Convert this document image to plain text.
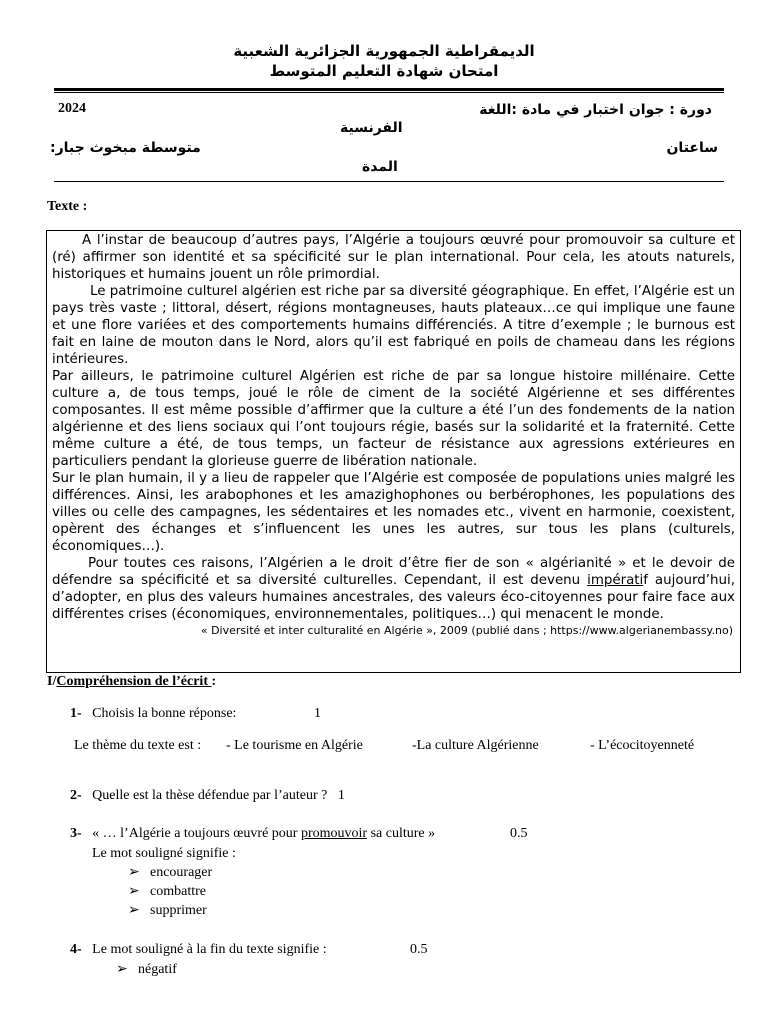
الديمقراطية الجمهورية الجزائرية الشعبية
امتحان شهادة التعليم المتوسط
2024	دورة : جوان اختبار في مادة :اللغة
الفرنسية
متوسطة مبخوث جبار:	ساعتان
المدة
Texte :

A l’instar de beaucoup d’autres pays, l’Algérie a toujours œuvré pour promouvoir sa culture et (ré) affirmer son identité et sa spécificité sur le plan international. Pour cela, les atouts naturels, historiques et humains jouent un rôle primordial.

Le patrimoine culturel algérien est riche par sa diversité géographique. En effet, l’Algérie est un pays très vaste ; littoral, désert, régions montagneuses, hauts plateaux…ce qui implique une faune et une flore variées et des comportements humains différenciés. A titre d’exemple ; le burnous est fait en laine de mouton dans le Nord, alors qu’il est fabriqué en poils de chameau dans les régions intérieures.

Par ailleurs, le patrimoine culturel Algérien est riche de par sa longue histoire millénaire. Cette culture a, de tous temps, joué le rôle de ciment de la société Algérienne et ses différentes composantes. Il est même possible d’affirmer que la culture a été l’un des fondements de la nation algérienne et des liens sociaux qui l’ont toujours régie, basés sur la solidarité et la fraternité. Cette même culture a été, de tous temps, un facteur de résistance aux agressions extérieures en particuliers pendant la glorieuse guerre de libération nationale.

Sur le plan humain, il y a lieu de rappeler que l’Algérie est composée de populations unies malgré les différences. Ainsi, les arabophones et les amazighophones ou berbérophones, les populations des villes ou celle des campagnes, les sédentaires et les nomades etc., vivent en harmonie, coexistent, opèrent des échanges et s’influencent les unes les autres, sur tous les plans (culturels, économiques…).

Pour toutes ces raisons, l’Algérien a le droit d’être fier de son « algérianité » et le devoir de défendre sa spécificité et sa diversité culturelles. Cependant, il est devenu impératif aujourd’hui, d’adopter, en plus des valeurs humaines ancestrales, des valeurs éco-citoyennes pour faire face aux différentes crises (économiques, environnementales, politiques…) qui menacent le monde.

« Diversité et inter culturalité en Algérie », 2009 (publié dans ; https://www.algerianembassy.no)

I/Compréhension de l’écrit :
1- Choisis la bonne réponse:	1
Le thème du texte est : - Le tourisme en Algérie	-La culture Algérienne	- L’écocitoyenneté
2- Quelle est la thèse défendue par l’auteur ? 1
3- « … l’Algérie a toujours œuvré pour promouvoir sa culture »	0.5
Le mot souligné signifie :
➢ encourager
➢ combattre
➢ supprimer
4- Le mot souligné à la fin du texte signifie :	0.5
➢ négatif
